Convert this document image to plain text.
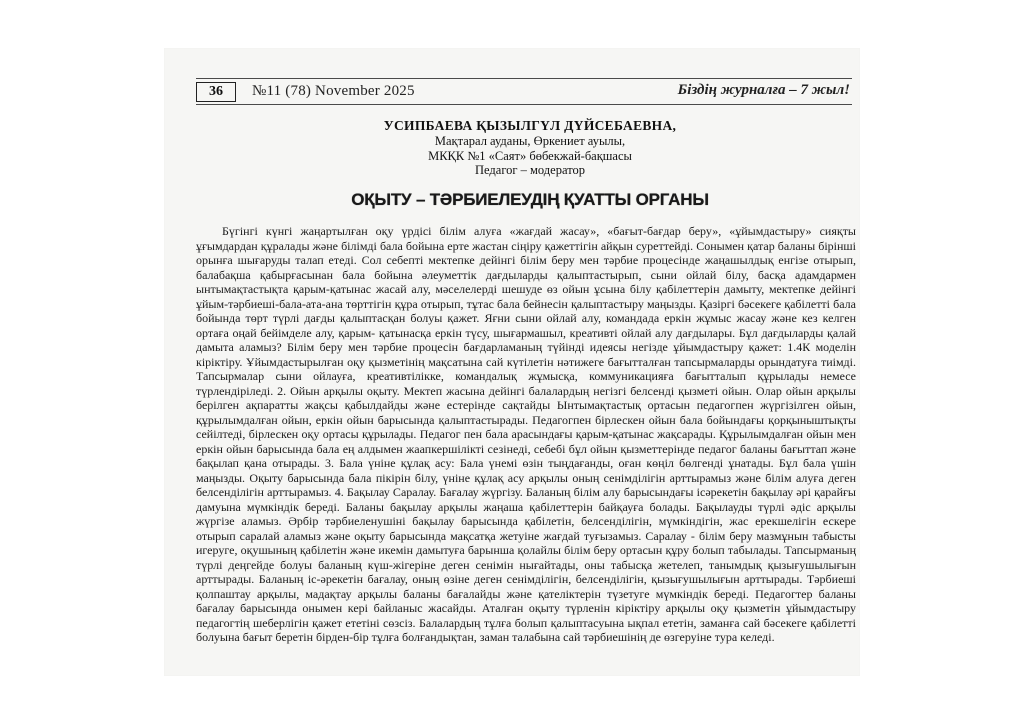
36	№11 (78) November 2025	Біздің журналға – 7 жыл!
УСИПБАЕВА ҚЫЗЫЛГҮЛ ДҮЙСЕБАЕВНА,
Мақтарал ауданы, Өркениет ауылы,
МКҚК №1 «Саят» бөбекжай-бақшасы
Педагог – модератор
ОҚЫТУ – ТӘРБИЕЛЕУДІҢ ҚУАТТЫ ОРГАНЫ

Бүгінгі күнгі жаңартылған оқу үрдісі білім алуға «жағдай жасау», «бағыт-бағдар беру», «ұйымдастыру» сияқты ұғымдардан құралады және білімді бала бойына ерте жастан сіңіру қажеттігін айқын суреттейді. Сонымен қатар баланы бірінші орынға шығаруды талап етеді. Сол себепті мектепке дейінгі білім беру мен тәрбие процесінде жаңашылдық енгізе отырып, балабақша қабырғасынан бала бойына әлеуметтік дағдыларды қалыптастырып, сыни ойлай білу, басқа адамдармен ынтымақтастықта қарым-қатынас жасай алу, мәселелерді шешуде өз ойын ұсына білу қабілеттерін дамыту, мектепке дейінгі ұйым-тәрбиеші-бала-ата-ана төрттігін құра отырып, тұтас бала бейнесін қалыптастыру маңызды. Қазіргі бәсекеге қабілетті бала бойында төрт түрлі дағды қалыптасқан болуы қажет. Яғни сыни ойлай алу, командада еркін жұмыс жасау және кез келген ортаға оңай бейімделе алу, қарым- қатынасқа еркін түсу, шығармашыл, креативті ойлай алу дағдылары. Бұл дағдыларды қалай дамыта аламыз? Білім беру мен тәрбие процесін бағдарламаның түйінді идеясы негізде ұйымдастыру қажет: 1.4К моделін кіріктіру. Ұйымдастырылған оқу қызметінің мақсатына сай күтілетін нәтижеге бағытталған тапсырмаларды орындатуға тиімді. Тапсырмалар сыни ойлауға, креативтілікке, командалық жұмысқа, коммуникацияға бағытталып құрылады немесе түрлендіріледі. 2. Ойын арқылы оқыту. Мектеп жасына дейінгі балалардың негізгі белсенді қызметі ойын. Олар ойын арқылы берілген ақпаратты жақсы қабылдайды және естерінде сақтайды Ынтымақтастық ортасын педагогпен жүргізілген ойын, құрылымдалған ойын, еркін ойын барысында қалыптастырады. Педагогпен бірлескен ойын бала бойындағы қорқыныштықты сейілтеді, бірлескен оқу ортасы құрылады. Педагог пен бала арасындағы қарым-қатынас жақсарады. Құрылымдалған ойын мен еркін ойын барысында бала ең алдымен жаапкершілікті сезінеді, себебі бұл ойын қызметтерінде педагог баланы бағыттап және бақылап қана отырады. 3. Бала үніне құлақ асу: Бала үнемі өзін тыңдағанды, оған көңіл бөлгенді ұнатады. Бұл бала үшін маңызды. Оқыту барысында бала пікірін білу, үніне құлақ асу арқылы оның сенімділігін арттырамыз және білім алуға деген белсенділігін арттырамыз. 4. Бақылау Саралау. Бағалау жүргізу. Баланың білім алу барысындағы ісәрекетін бақылау әрі қарайғы дамуына мүмкіндік береді. Баланы бақылау арқылы жаңаша қабілеттерін байқауға болады. Бақылауды түрлі әдіс арқылы жүргізе аламыз. Әрбір тәрбиеленушіні бақылау барысында қабілетін, белсенділігін, мүмкіндігін, жас ерекшелігін ескере отырып саралай аламыз және оқыту барысында мақсатқа жетуіне жағдай туғызамыз. Саралау - білім беру мазмұнын табысты игеруге, оқушының қабілетін және икемін дамытуға барынша қолайлы білім беру ортасын құру болып табылады. Тапсырманың түрлі деңгейде болуы баланың күш-жігеріне деген сенімін нығайтады, оны табысқа жетелеп, танымдық қызығушылығын арттырады. Баланың іс-әрекетін бағалау, оның өзіне деген сенімділігін, белсенділігін, қызығушылығын арттырады. Тәрбиеші қолпаштау арқылы, мадақтау арқылы баланы бағалайды және қателіктерін түзетуге мүмкіндік береді. Педагогтер баланы бағалау барысында онымен кері байланыс жасайды. Аталған оқыту түрленін кіріктіру арқылы оқу қызметін ұйымдастыру педагогтің шеберлігін қажет ететіні сөзсіз. Балалардың тұлға болып қалыптасуына ықпал ететін, заманға сай бәсекеге қабілетті болуына бағыт беретін бірден-бір тұлға болғандықтан, заман талабына сай тәрбиешінің де өзгеруіне тура келеді.
